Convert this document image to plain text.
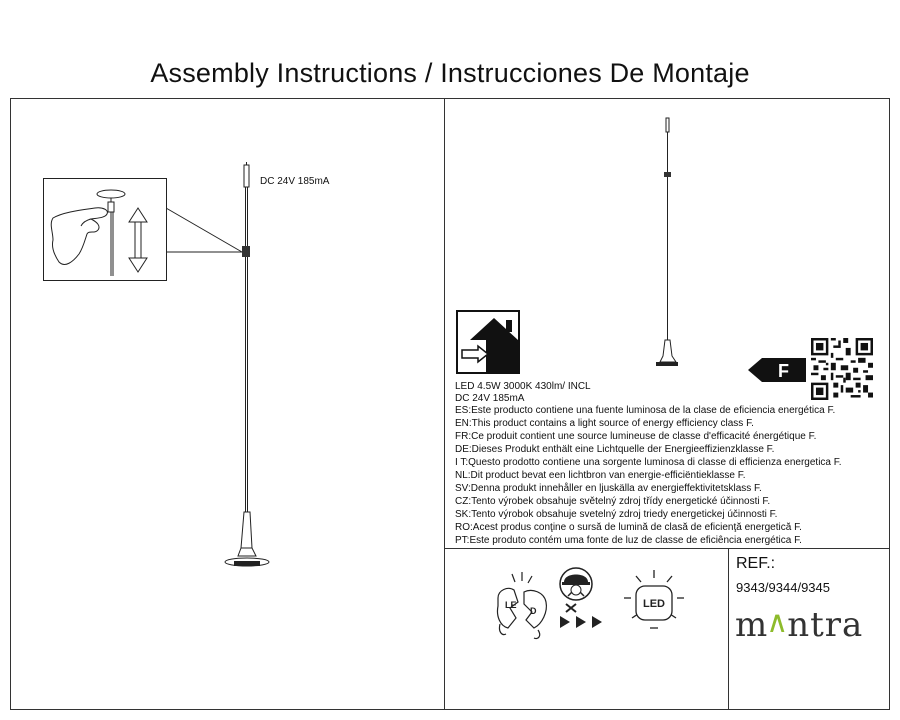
Assembly Instructions / Instrucciones De Montaje
DC 24V 185mA
F
LED 4.5W 3000K 430lm/ INCL
DC 24V 185mA
ES:Este producto contiene una fuente luminosa de la clase de eficiencia energética F.
EN:This product contains a light source of energy efficiency class F.
FR:Ce produit contient une source lumineuse de classe d'efficacité énergétique F.
DE:Dieses Produkt enthält eine Lichtquelle der Energieeffizienzklasse F.
I T:Questo prodotto contiene una sorgente luminosa di classe di efficienza energetica F.
NL:Dit product bevat een lichtbron van energie-efficiëntieklasse F.
SV:Denna produkt innehåller en ljuskälla av energieffektivitetsklass F.
CZ:Tento výrobek obsahuje světelný zdroj třídy energetické účinnosti F.
SK:Tento výrobok obsahuje svetelný zdroj triedy energetickej účinnosti F.
RO:Acest produs conţine o sursă de lumină de clasă de eficienţă energetică F.
PT:Este produto contém uma fonte de luz de classe de eficiência energética F.
LE
D
LED
REF.:
9343/9344/9345
m∧ntra
